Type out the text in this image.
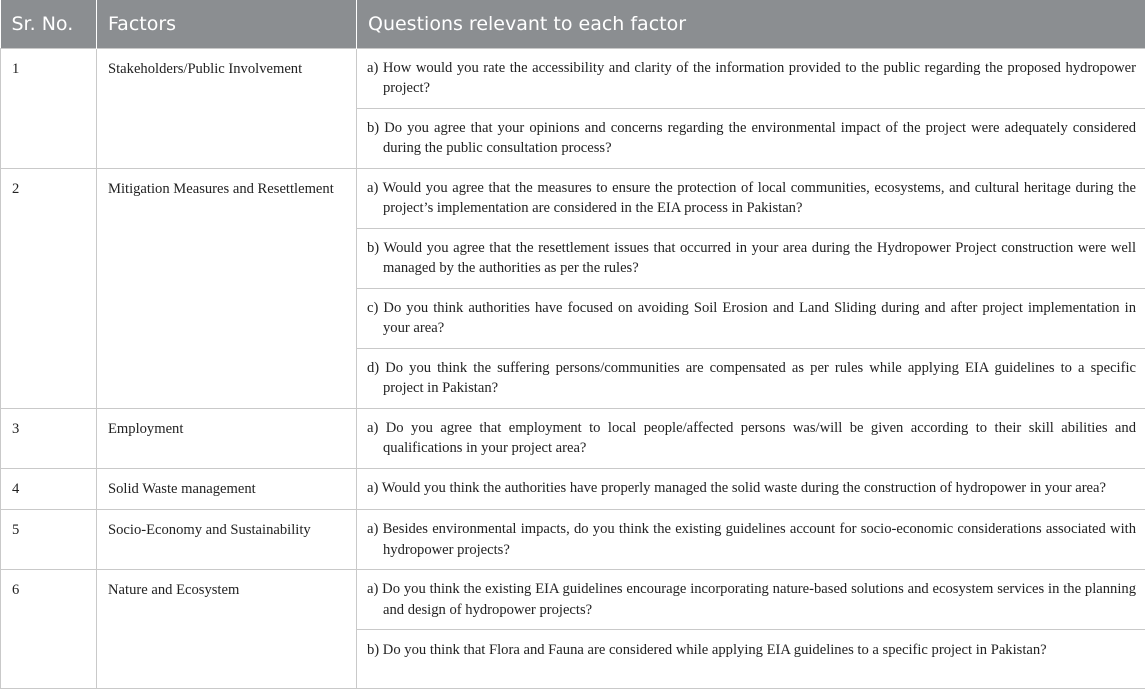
Sr. No.	Factors	Questions relevant to each factor
1	Stakeholders/Public Involvement	a) How would you rate the accessibility and clarity of the information provided to the public regarding the proposed hydropower project?

		b) Do you agree that your opinions and concerns regarding the environmental impact of the project were adequately considered during the public consultation process?

2	Mitigation Measures and Resettlement	a) Would you agree that the measures to ensure the protection of local communities, ecosystems, and cultural heritage during the project’s implementation are considered in the EIA process in Pakistan?

		b) Would you agree that the resettlement issues that occurred in your area during the Hydropower Project construction were well managed by the authorities as per the rules?

		c) Do you think authorities have focused on avoiding Soil Erosion and Land Sliding during and after project implementation in your area?

		d) Do you think the suffering persons/communities are compensated as per rules while applying EIA guidelines to a specific project in Pakistan?

3	Employment	a) Do you agree that employment to local people/affected persons was/will be given according to their skill abilities and qualifications in your project area?

4	Solid Waste management	a) Would you think the authorities have properly managed the solid waste during the construction of hydropower in your area?

5	Socio-Economy and Sustainability	a) Besides environmental impacts, do you think the existing guidelines account for socio-economic considerations associated with hydropower projects?

6	Nature and Ecosystem	a) Do you think the existing EIA guidelines encourage incorporating nature-based solutions and ecosystem services in the planning and design of hydropower projects?

		b) Do you think that Flora and Fauna are considered while applying EIA guidelines to a specific project in Pakistan?
